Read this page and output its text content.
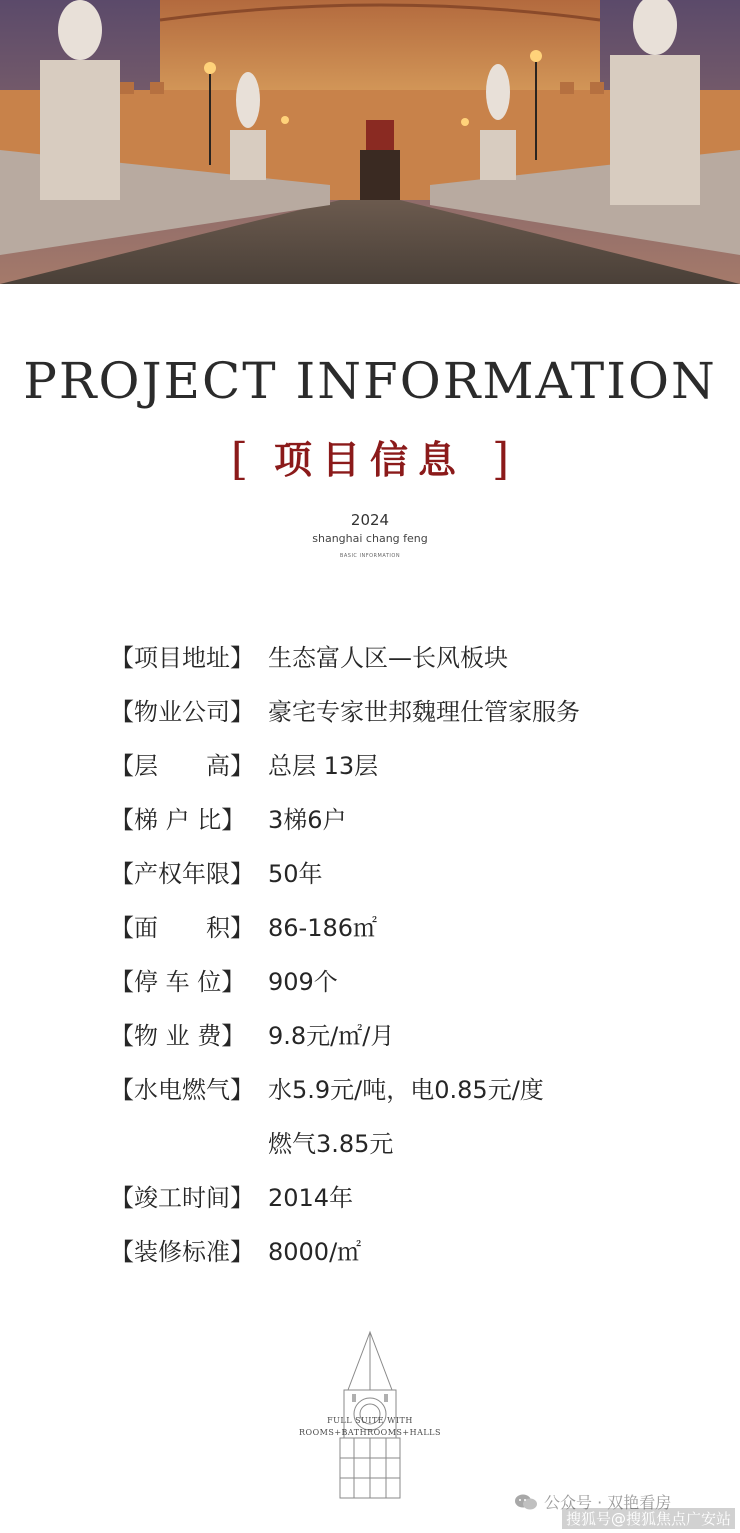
PROJECT INFORMATION
[ 项目信息 ]
2024
shanghai chang feng
BASIC INFORMATION
【项目地址】 生态富人区—长风板块
【物业公司】 豪宅专家世邦魏理仕管家服务
【层　　高】 总层 13层
【梯 户 比】 3梯6户
【产权年限】 50年
【面　　积】 86-186㎡
【停 车 位】 909个
【物 业 费】 9.8元/㎡/月
【水电燃气】 水5.9元/吨，电0.85元/度
燃气3.85元
【竣工时间】 2014年
【装修标准】 8000/㎡
FULL SUITE WITH
ROOMS+BATHROOMS+HALLS
公众号 · 双艳看房
搜狐号@搜狐焦点广安站
